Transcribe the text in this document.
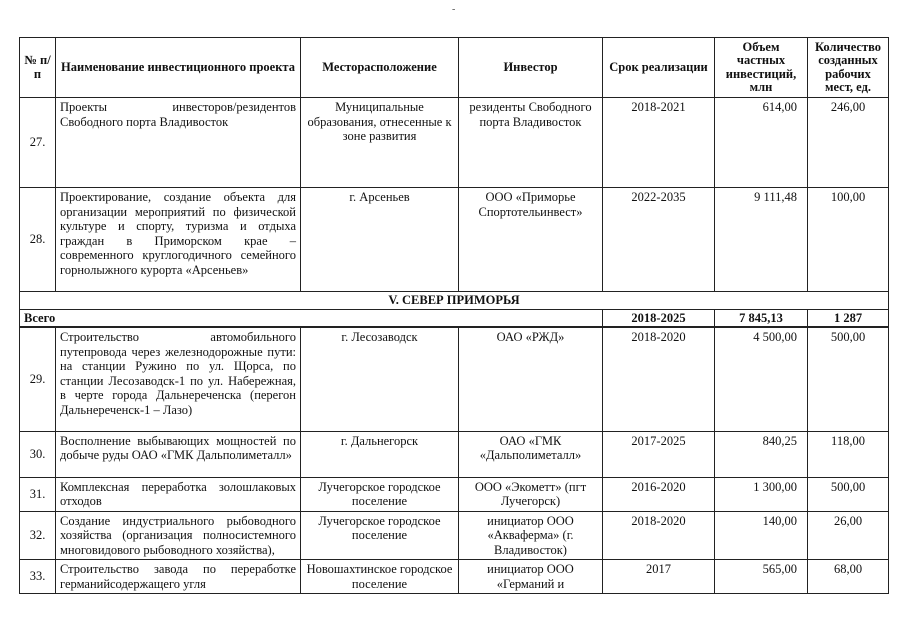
-
№ п/п	Наименование инвестиционного проекта	Месторасположение	Инвестор	Срок реализации	Объем частных инвестиций, млн	Количество созданных рабочих мест, ед.
27.	Проекты инвесторов/резидентов Свободного порта Владивосток	Муниципальные образования, отнесенные к зоне развития	резиденты Свободного порта Владивосток	2018-2021	614,00	246,00
28.	Проектирование, создание объекта для организации мероприятий по физической культуре и спорту, туризма и отдыха граждан в Приморском крае – современного круглогодичного семейного горнолыжного курорта «Арсеньев»	г. Арсеньев	ООО «Приморье Спортотельинвест»	2022-2035	9 111,48	100,00
V. СЕВЕР ПРИМОРЬЯ						
Всего				2018-2025	7 845,13	1 287
29.	Строительство автомобильного путепровода через железнодорожные пути: на станции Ружино по ул. Щорса, по станции Лесозаводск-1 по ул. Набережная, в черте города Дальнереченска (перегон Дальнереченск-1 – Лазо)	г. Лесозаводск	ОАО «РЖД»	2018-2020	4 500,00	500,00
30.	Восполнение выбывающих мощностей по добыче руды ОАО «ГМК Дальполиметалл»	г. Дальнегорск	ОАО «ГМК «Дальполиметалл»	2017-2025	840,25	118,00
31.	Комплексная переработка золошлаковых отходов	Лучегорское городское поселение	ООО «Экометт» (пгт Лучегорск)	2016-2020	1 300,00	500,00
32.	Создание индустриального рыбоводного хозяйства (организация полносистемного многовидового рыбоводного хозяйства),	Лучегорское городское поселение	инициатор ООО «Акваферма» (г. Владивосток)	2018-2020	140,00	26,00
33.	Строительство завода по переработке германийсодержащего угля	Новошахтинское городское поселение	инициатор ООО «Германий и	2017	565,00	68,00
